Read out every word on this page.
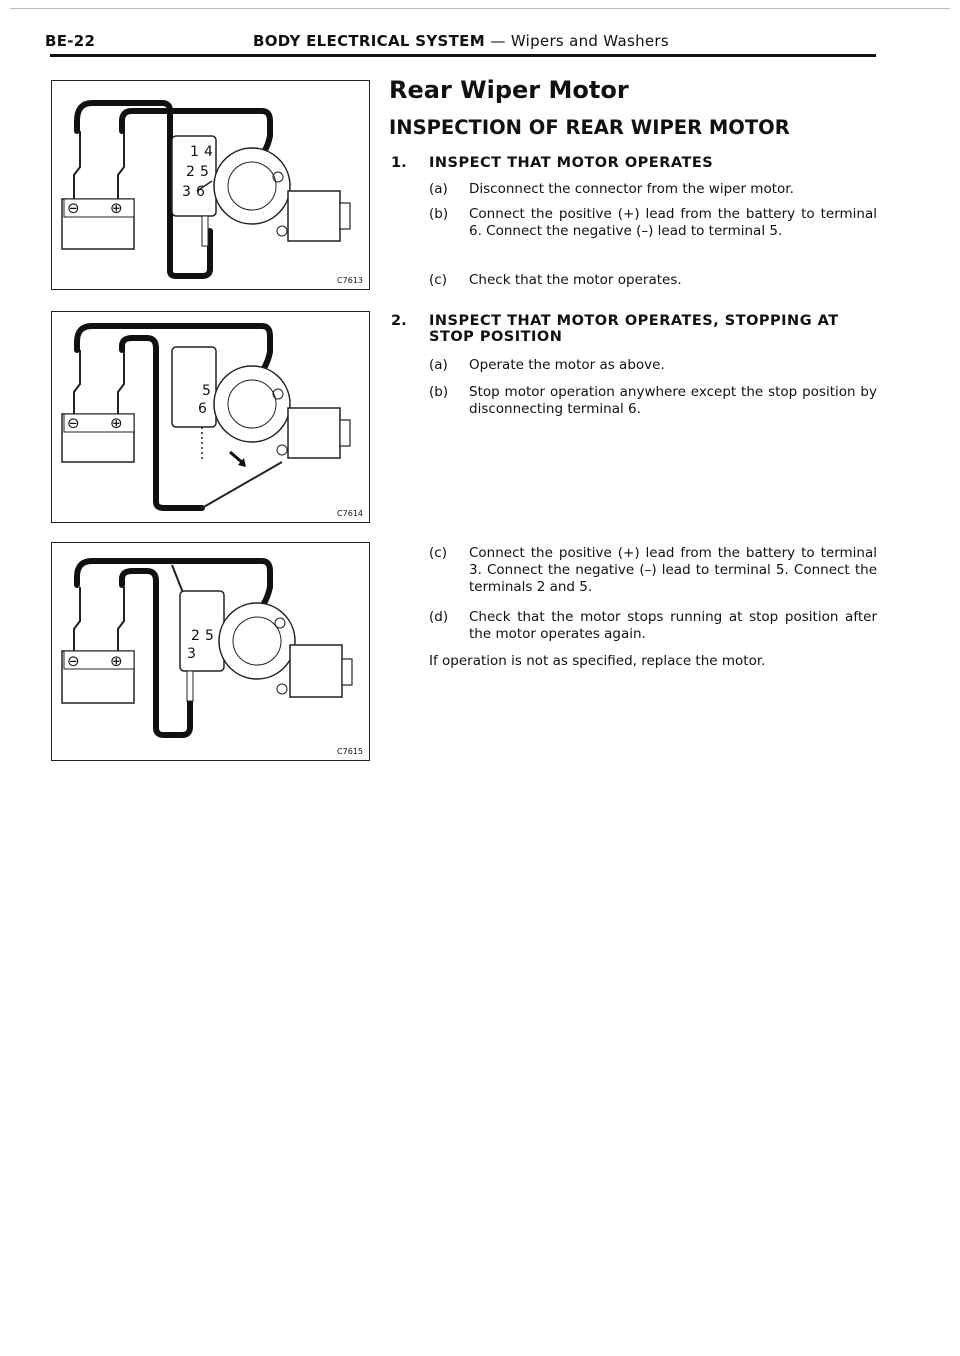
BE-22	BODY ELECTRICAL SYSTEM — Wipers and Washers
1 4
2 5
3 6
⊖ ⊕
C7613
5
6
⊖ ⊕
C7614
2 5
3
⊖ ⊕
C7615
Rear Wiper Motor
INSPECTION OF REAR WIPER MOTOR
1. INSPECT THAT MOTOR OPERATES
(a)	Disconnect the connector from the wiper motor.
(b)	Connect the positive (+) lead from the battery to terminal 6. Connect the negative (–) lead to terminal 5.
(c)	Check that the motor operates.
2. INSPECT THAT MOTOR OPERATES, STOPPING AT STOP POSITION
(a)	Operate the motor as above.
(b)	Stop motor operation anywhere except the stop position by disconnecting terminal 6.
(c)	Connect the positive (+) lead from the battery to terminal 3. Connect the negative (–) lead to terminal 5. Connect the terminals 2 and 5.
(d)	Check that the motor stops running at stop position after the motor operates again.
If operation is not as specified, replace the motor.
